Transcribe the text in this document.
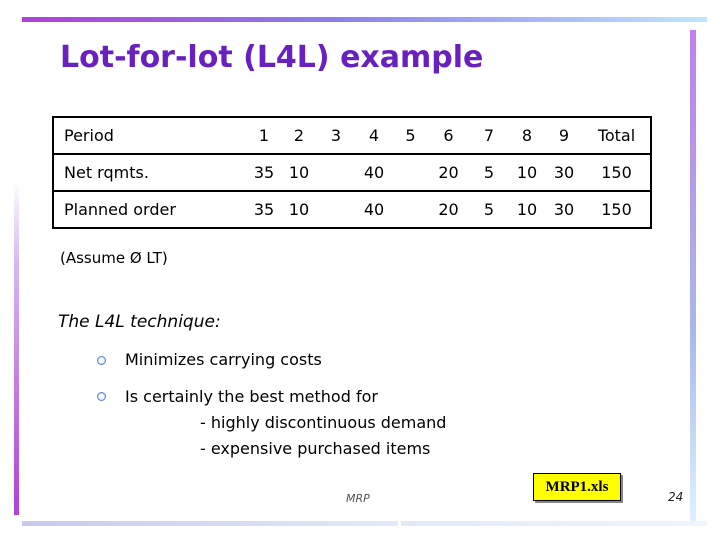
Lot-for-lot (L4L) example
Period	1	2	3	4	5	6	7	8	9	Total
Net rqmts.	35	10		40		20	5	10	30	150
Planned order	35	10		40		20	5	10	30	150
(Assume Ø LT)
The L4L technique:
Minimizes carrying costs
Is certainly the best method for
- highly discontinuous demand
- expensive purchased items
MRP
MRP1.xls
24
